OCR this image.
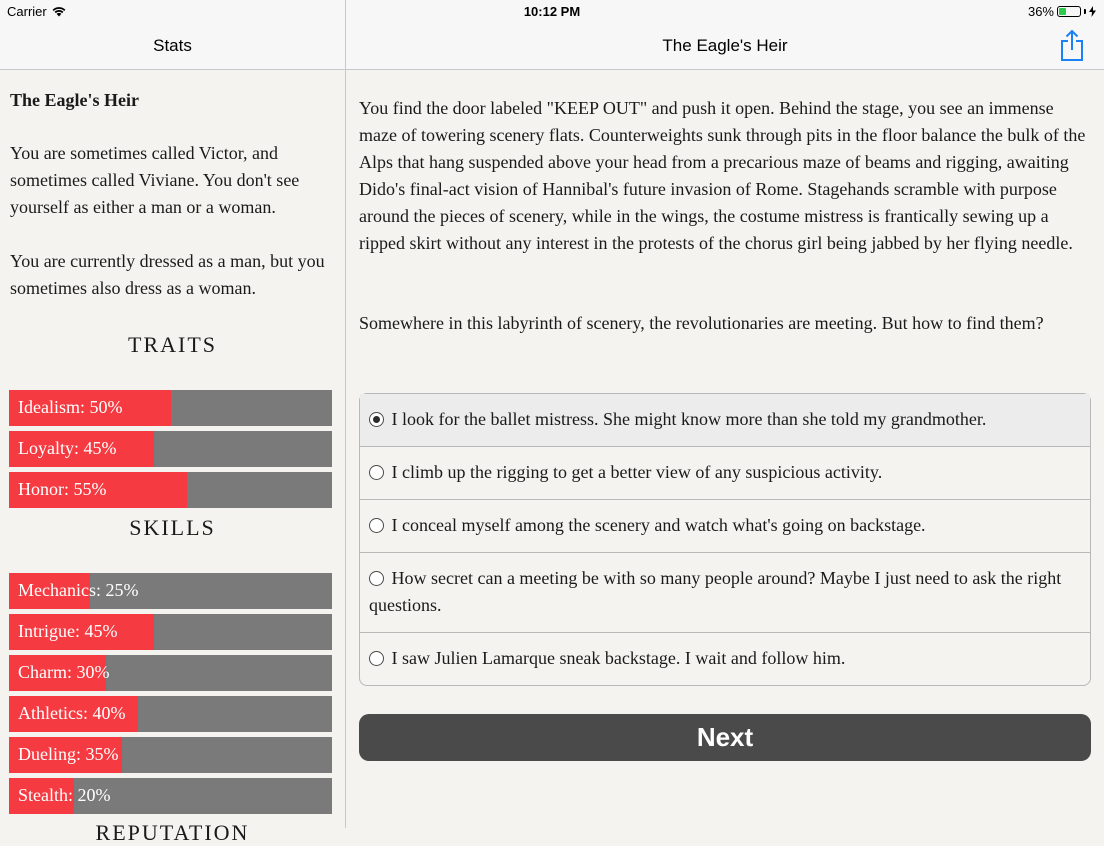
Carrier	10:12 PM	36%
Stats	The Eagle's Heir
The Eagle's Heir
You are sometimes called Victor, and sometimes called Viviane. You don't see yourself as either a man or a woman.
You are currently dressed as a man, but you sometimes also dress as a woman.
TRAITS
Idealism: 50%
Loyalty: 45%
Honor: 55%
SKILLS
Mechanics: 25%
Intrigue: 45%
Charm: 30%
Athletics: 40%
Dueling: 35%
Stealth: 20%
REPUTATION
You find the door labeled "KEEP OUT" and push it open. Behind the stage, you see an immense maze of towering scenery flats. Counterweights sunk through pits in the floor balance the bulk of the Alps that hang suspended above your head from a precarious maze of beams and rigging, awaiting Dido's final-act vision of Hannibal's future invasion of Rome. Stagehands scramble with purpose around the pieces of scenery, while in the wings, the costume mistress is frantically sewing up a ripped skirt without any interest in the protests of the chorus girl being jabbed by her flying needle.
Somewhere in this labyrinth of scenery, the revolutionaries are meeting. But how to find them?
I look for the ballet mistress. She might know more than she told my grandmother.
I climb up the rigging to get a better view of any suspicious activity.
I conceal myself among the scenery and watch what's going on backstage.
How secret can a meeting be with so many people around? Maybe I just need to ask the right questions.
I saw Julien Lamarque sneak backstage. I wait and follow him.
Next
